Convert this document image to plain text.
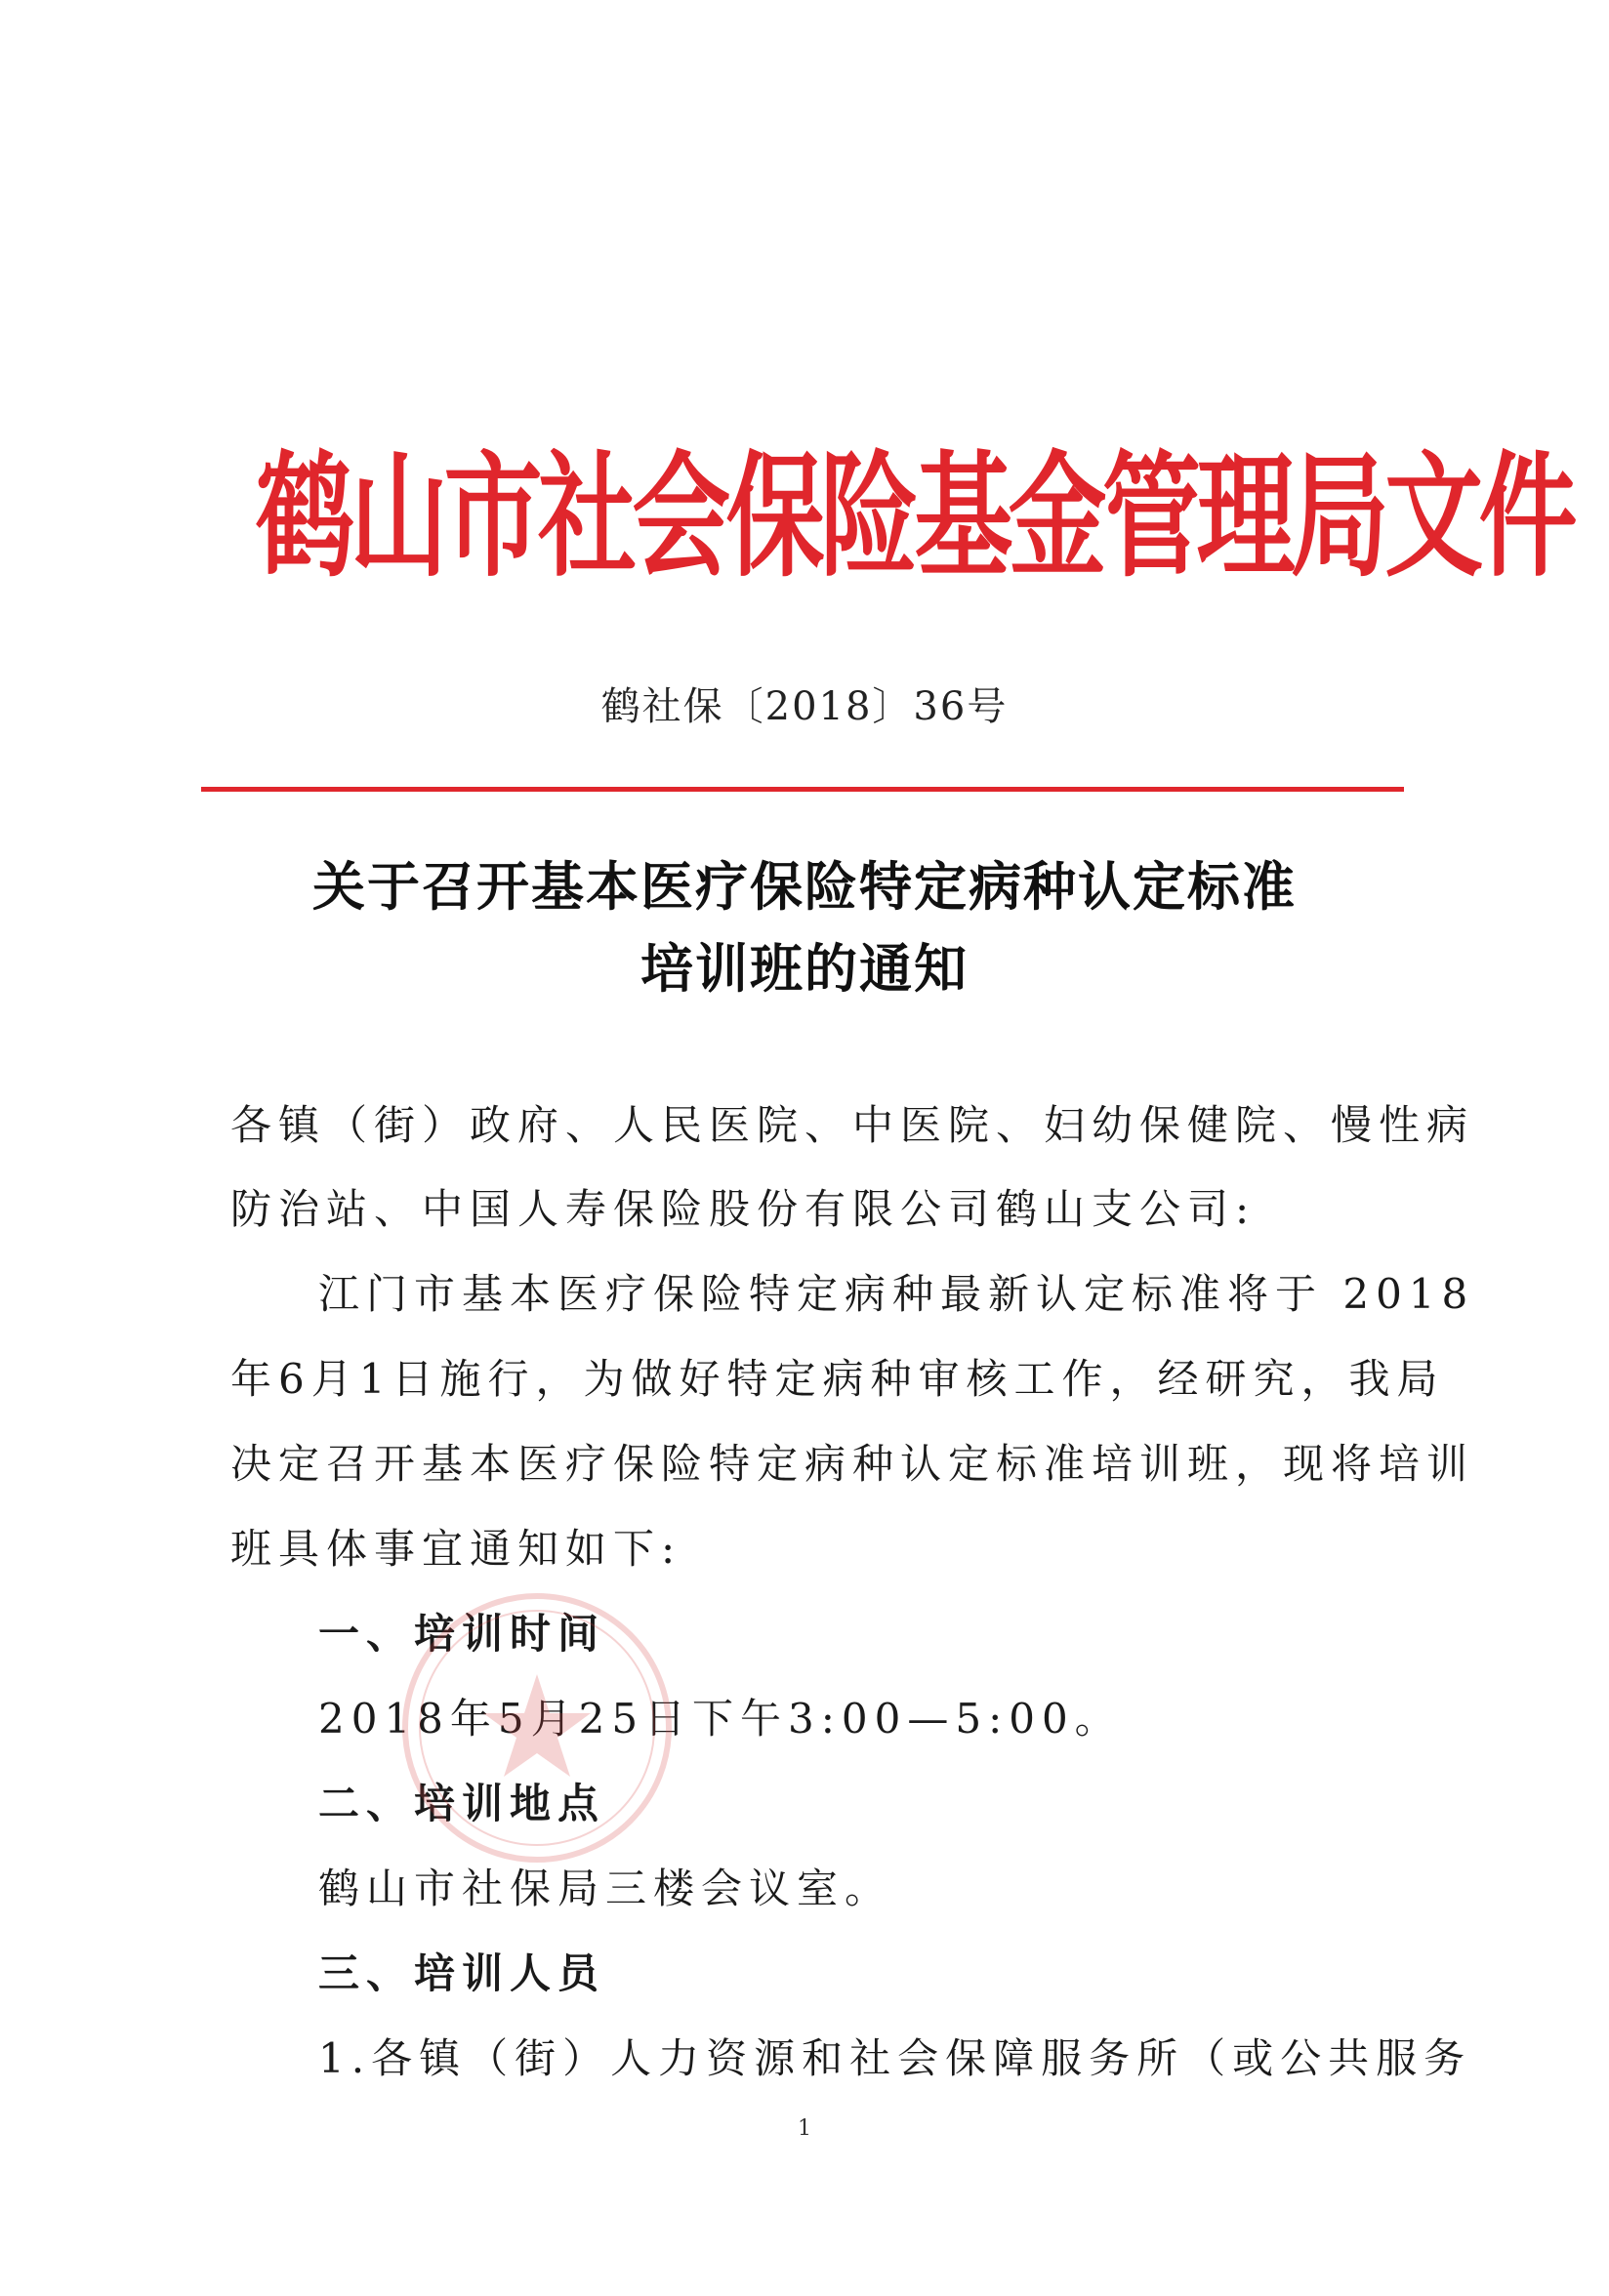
鹤山市社会保险基金管理局文件
鹤社保〔2018〕36号
关于召开基本医疗保险特定病种认定标准
培训班的通知
各镇（街）政府、人民医院、中医院、妇幼保健院、慢性病
防治站、中国人寿保险股份有限公司鹤山支公司:
江门市基本医疗保险特定病种最新认定标准将于 2018
年6月1日施行，为做好特定病种审核工作，经研究，我局
决定召开基本医疗保险特定病种认定标准培训班，现将培训
班具体事宜通知如下:
一、培训时间
2018年5月25日下午3:00—5:00。
二、培训地点
鹤山市社保局三楼会议室。
三、培训人员
1.各镇（街）人力资源和社会保障服务所（或公共服务
1
